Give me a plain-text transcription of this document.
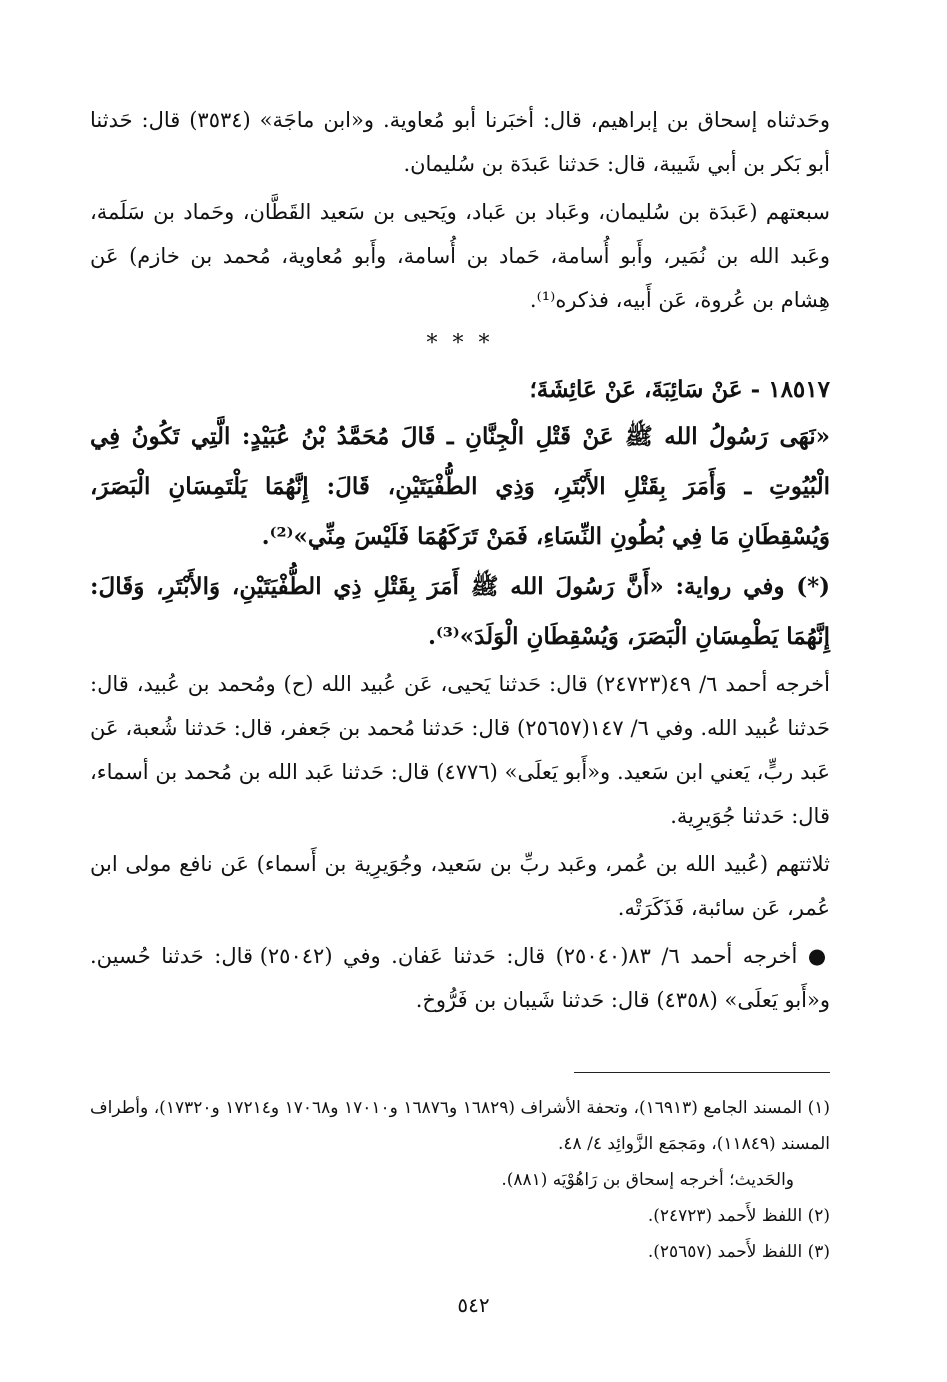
وحَدثناه إسحاق بن إبراهيم، قال: أخبَرنا أبو مُعاوية. و«ابن ماجَة» (٣٥٣٤) قال: حَدثنا أبو بَكر بن أبي شَيبة، قال: حَدثنا عَبدَة بن سُليمان.

سبعتهم (عَبدَة بن سُليمان، وعَباد بن عَباد، ويَحيى بن سَعيد القَطَّان، وحَماد بن سَلَمة، وعَبد الله بن نُمَير، وأَبو أُسامة، حَماد بن أُسامة، وأَبو مُعاوية، مُحمد بن خازم) عَن هِشام بن عُروة، عَن أَبيه، فذكره⁽¹⁾.

* * *

١٨٥١٧ - عَنْ سَائِبَةَ، عَنْ عَائِشَةَ؛

«نَهَى رَسُولُ الله ﷺ عَنْ قَتْلِ الْجِنَّانِ ـ قَالَ مُحَمَّدُ بْنُ عُبَيْدٍ: الَّتِي تَكُونُ فِي الْبُيُوتِ ـ وَأَمَرَ بِقَتْلِ الأَبْتَرِ، وَذِي الطُّفْيَتَيْنِ، قَالَ: إِنَّهُمَا يَلْتَمِسَانِ الْبَصَرَ، وَيُسْقِطَانِ مَا فِي بُطُونِ النِّسَاءِ، فَمَنْ تَرَكَهُمَا فَلَيْسَ مِنِّي»⁽²⁾.

(*) وفي رواية: «أَنَّ رَسُولَ الله ﷺ أَمَرَ بِقَتْلِ ذِي الطُّفْيَتَيْنِ، وَالأَبْتَرِ، وَقَالَ: إِنَّهُمَا يَطْمِسَانِ الْبَصَرَ، وَيُسْقِطَانِ الْوَلَدَ»⁽³⁾.

أخرجه أحمد ٦/ ٤٩(٢٤٧٢٣) قال: حَدثنا يَحيى، عَن عُبيد الله (ح) ومُحمد بن عُبيد، قال: حَدثنا عُبيد الله. وفي ٦/ ١٤٧(٢٥٦٥٧) قال: حَدثنا مُحمد بن جَعفر، قال: حَدثنا شُعبة، عَن عَبد ربٍّ، يَعني ابن سَعيد. و«أَبو يَعلَى» (٤٧٧٦) قال: حَدثنا عَبد الله بن مُحمد بن أسماء، قال: حَدثنا جُوَيرِية.

ثلاثتهم (عُبيد الله بن عُمر، وعَبد ربِّ بن سَعيد، وجُوَيرِية بن أَسماء) عَن نافع مولى ابن عُمر، عَن سائبة، فَذَكَرَتْه.

● أخرجه أحمد ٦/ ٨٣(٢٥٠٤٠) قال: حَدثنا عَفان. وفي (٢٥٠٤٢) قال: حَدثنا حُسين. و«أَبو يَعلَى» (٤٣٥٨) قال: حَدثنا شَيبان بن فَرُّوخ.

(١) المسند الجامع (١٦٩١٣)، وتحفة الأشراف (١٦٨٢٩ و١٦٨٧٦ و١٧٠١٠ و١٧٠٦٨ و١٧٢١٤ و١٧٣٢٠)، وأطراف المسند (١١٨٤٩)، ومَجمَع الزَّوائِد ٤/ ٤٨.

والحَديث؛ أخرجه إسحاق بن رَاهُوْيَه (٨٨١).

(٢) اللفظ لأَحمد (٢٤٧٢٣).

(٣) اللفظ لأَحمد (٢٥٦٥٧).

٥٤٢
